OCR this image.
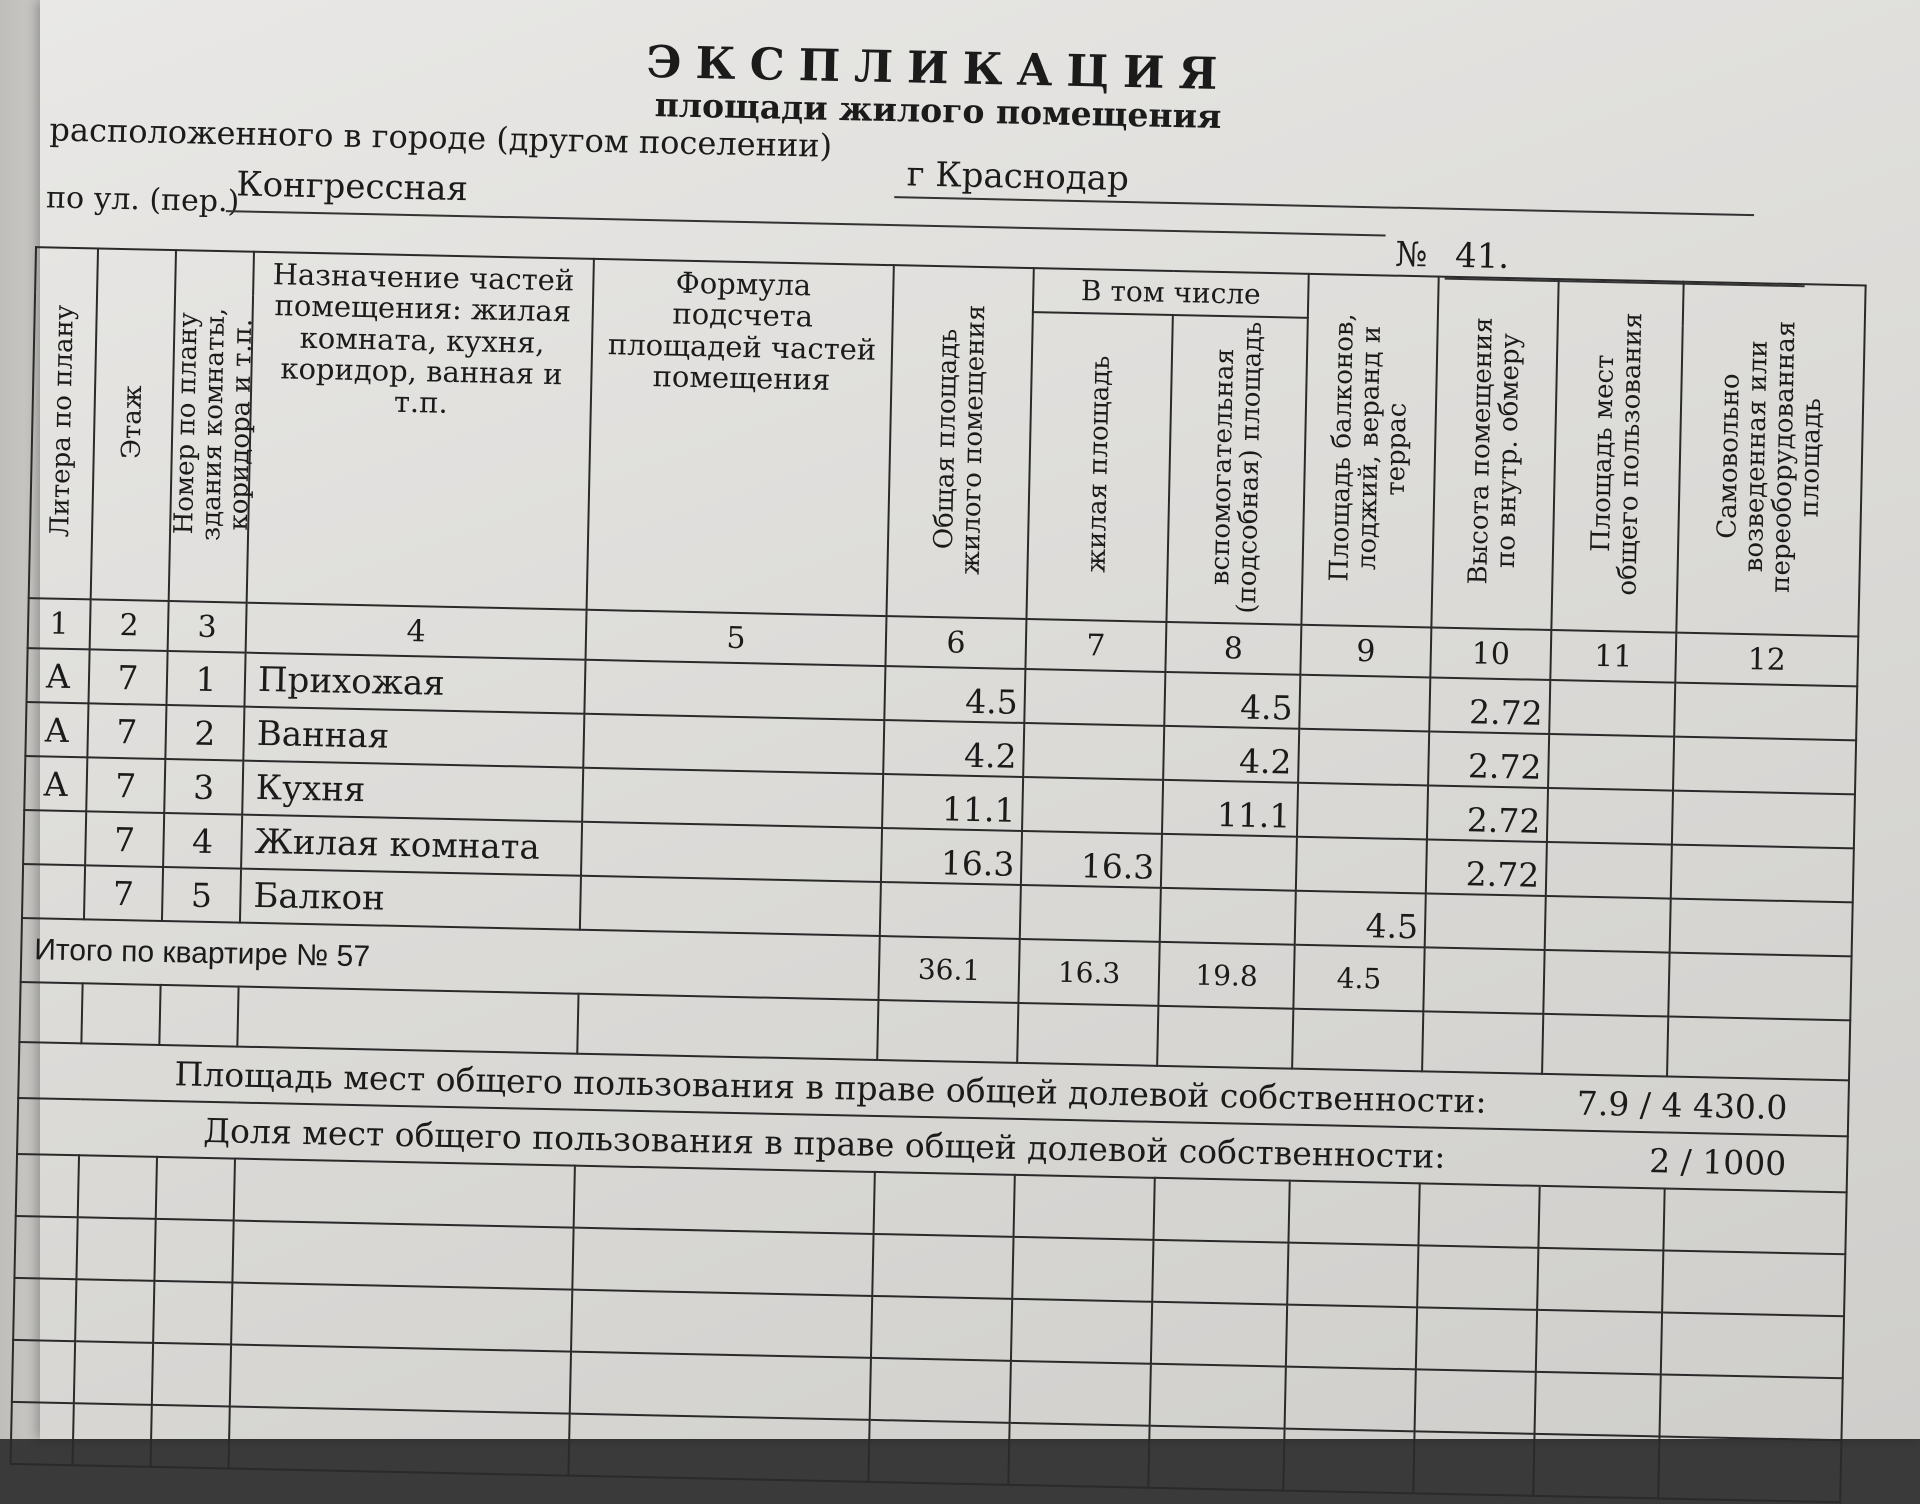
ЭКСПЛИКАЦИЯ
площади жилого помещения
расположенного в городе (другом поселении)
г Краснодар
по ул. (пер.)
Конгрессная
№ 41.
Литера по плану	Этаж	Номер по плану здания комнаты, коридора и т.п.	Назначение частей помещения: жилая комната, кухня, коридор, ванная и т.п.	Формула подсчета площадей частей помещения	Общая площадь жилого помещения	В том числе		Площадь балконов, лоджий, веранд и террас	Высота помещения по внутр. обмеру	Площадь мест общего пользования	Самовольно возведенная или переоборудованная площадь
						жилая площадь	вспомогательная (подсобная) площадь				
1	2	3	4	5	6	7	8	9	10	11	12
А	7	1	Прихожая		4.5		4.5		2.72		
А	7	2	Ванная		4.2		4.2		2.72		
А	7	3	Кухня		11.1		11.1		2.72		
	7	4	Жилая комната		16.3	16.3			2.72		
	7	5	Балкон					4.5			
Итого по квартире № 57					36.1	16.3	19.8	4.5			

Площадь мест общего пользования в праве общей долевой собственности:										7.9 / 4 430.0	
Доля мест общего пользования в праве общей долевой собственности:										2 / 1000	
